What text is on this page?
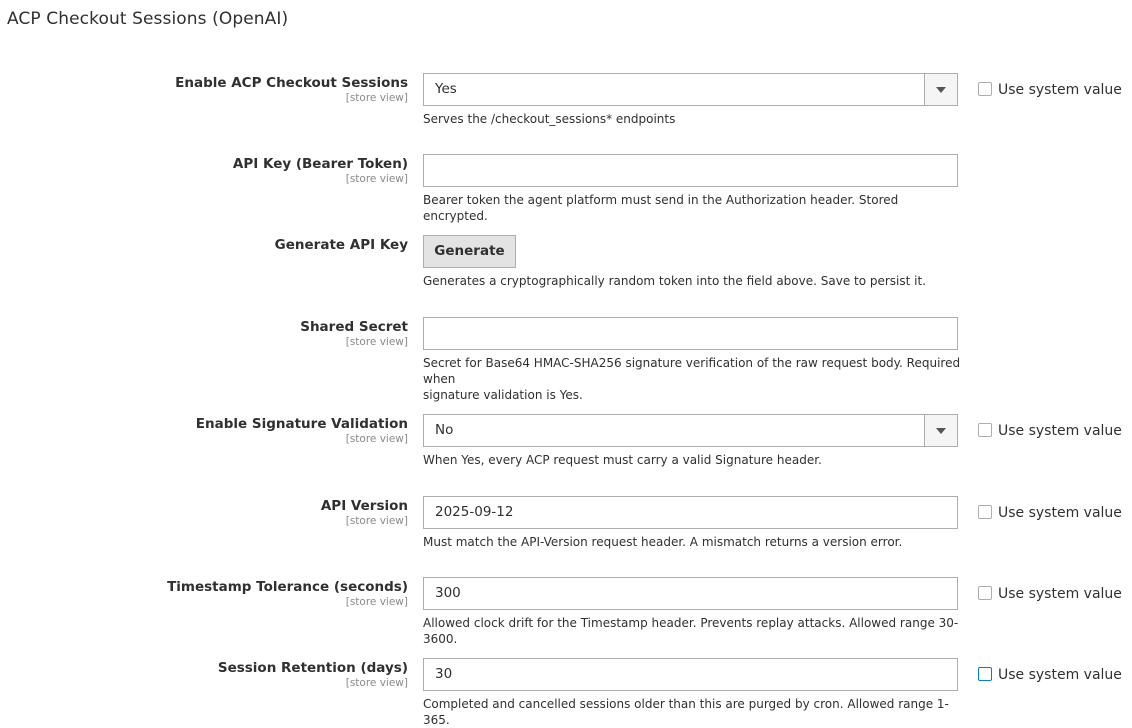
ACP Checkout Sessions (OpenAI)
Enable ACP Checkout Sessions
[store view]
Yes	Use system value
Serves the /checkout_sessions* endpoints
API Key (Bearer Token)
[store view]
Bearer token the agent platform must send in the Authorization header. Stored encrypted.
Generate API Key	Generate
Generates a cryptographically random token into the field above. Save to persist it.
Shared Secret
[store view]
Secret for Base64 HMAC-SHA256 signature verification of the raw request body. Required when
signature validation is Yes.
Enable Signature Validation
[store view]
No	Use system value
When Yes, every ACP request must carry a valid Signature header.
API Version
[store view]
2025-09-12	Use system value
Must match the API-Version request header. A mismatch returns a version error.
Timestamp Tolerance (seconds)
[store view]
300	Use system value
Allowed clock drift for the Timestamp header. Prevents replay attacks. Allowed range 30-3600.
Session Retention (days)
[store view]
30	Use system value
Completed and cancelled sessions older than this are purged by cron. Allowed range 1-365.
